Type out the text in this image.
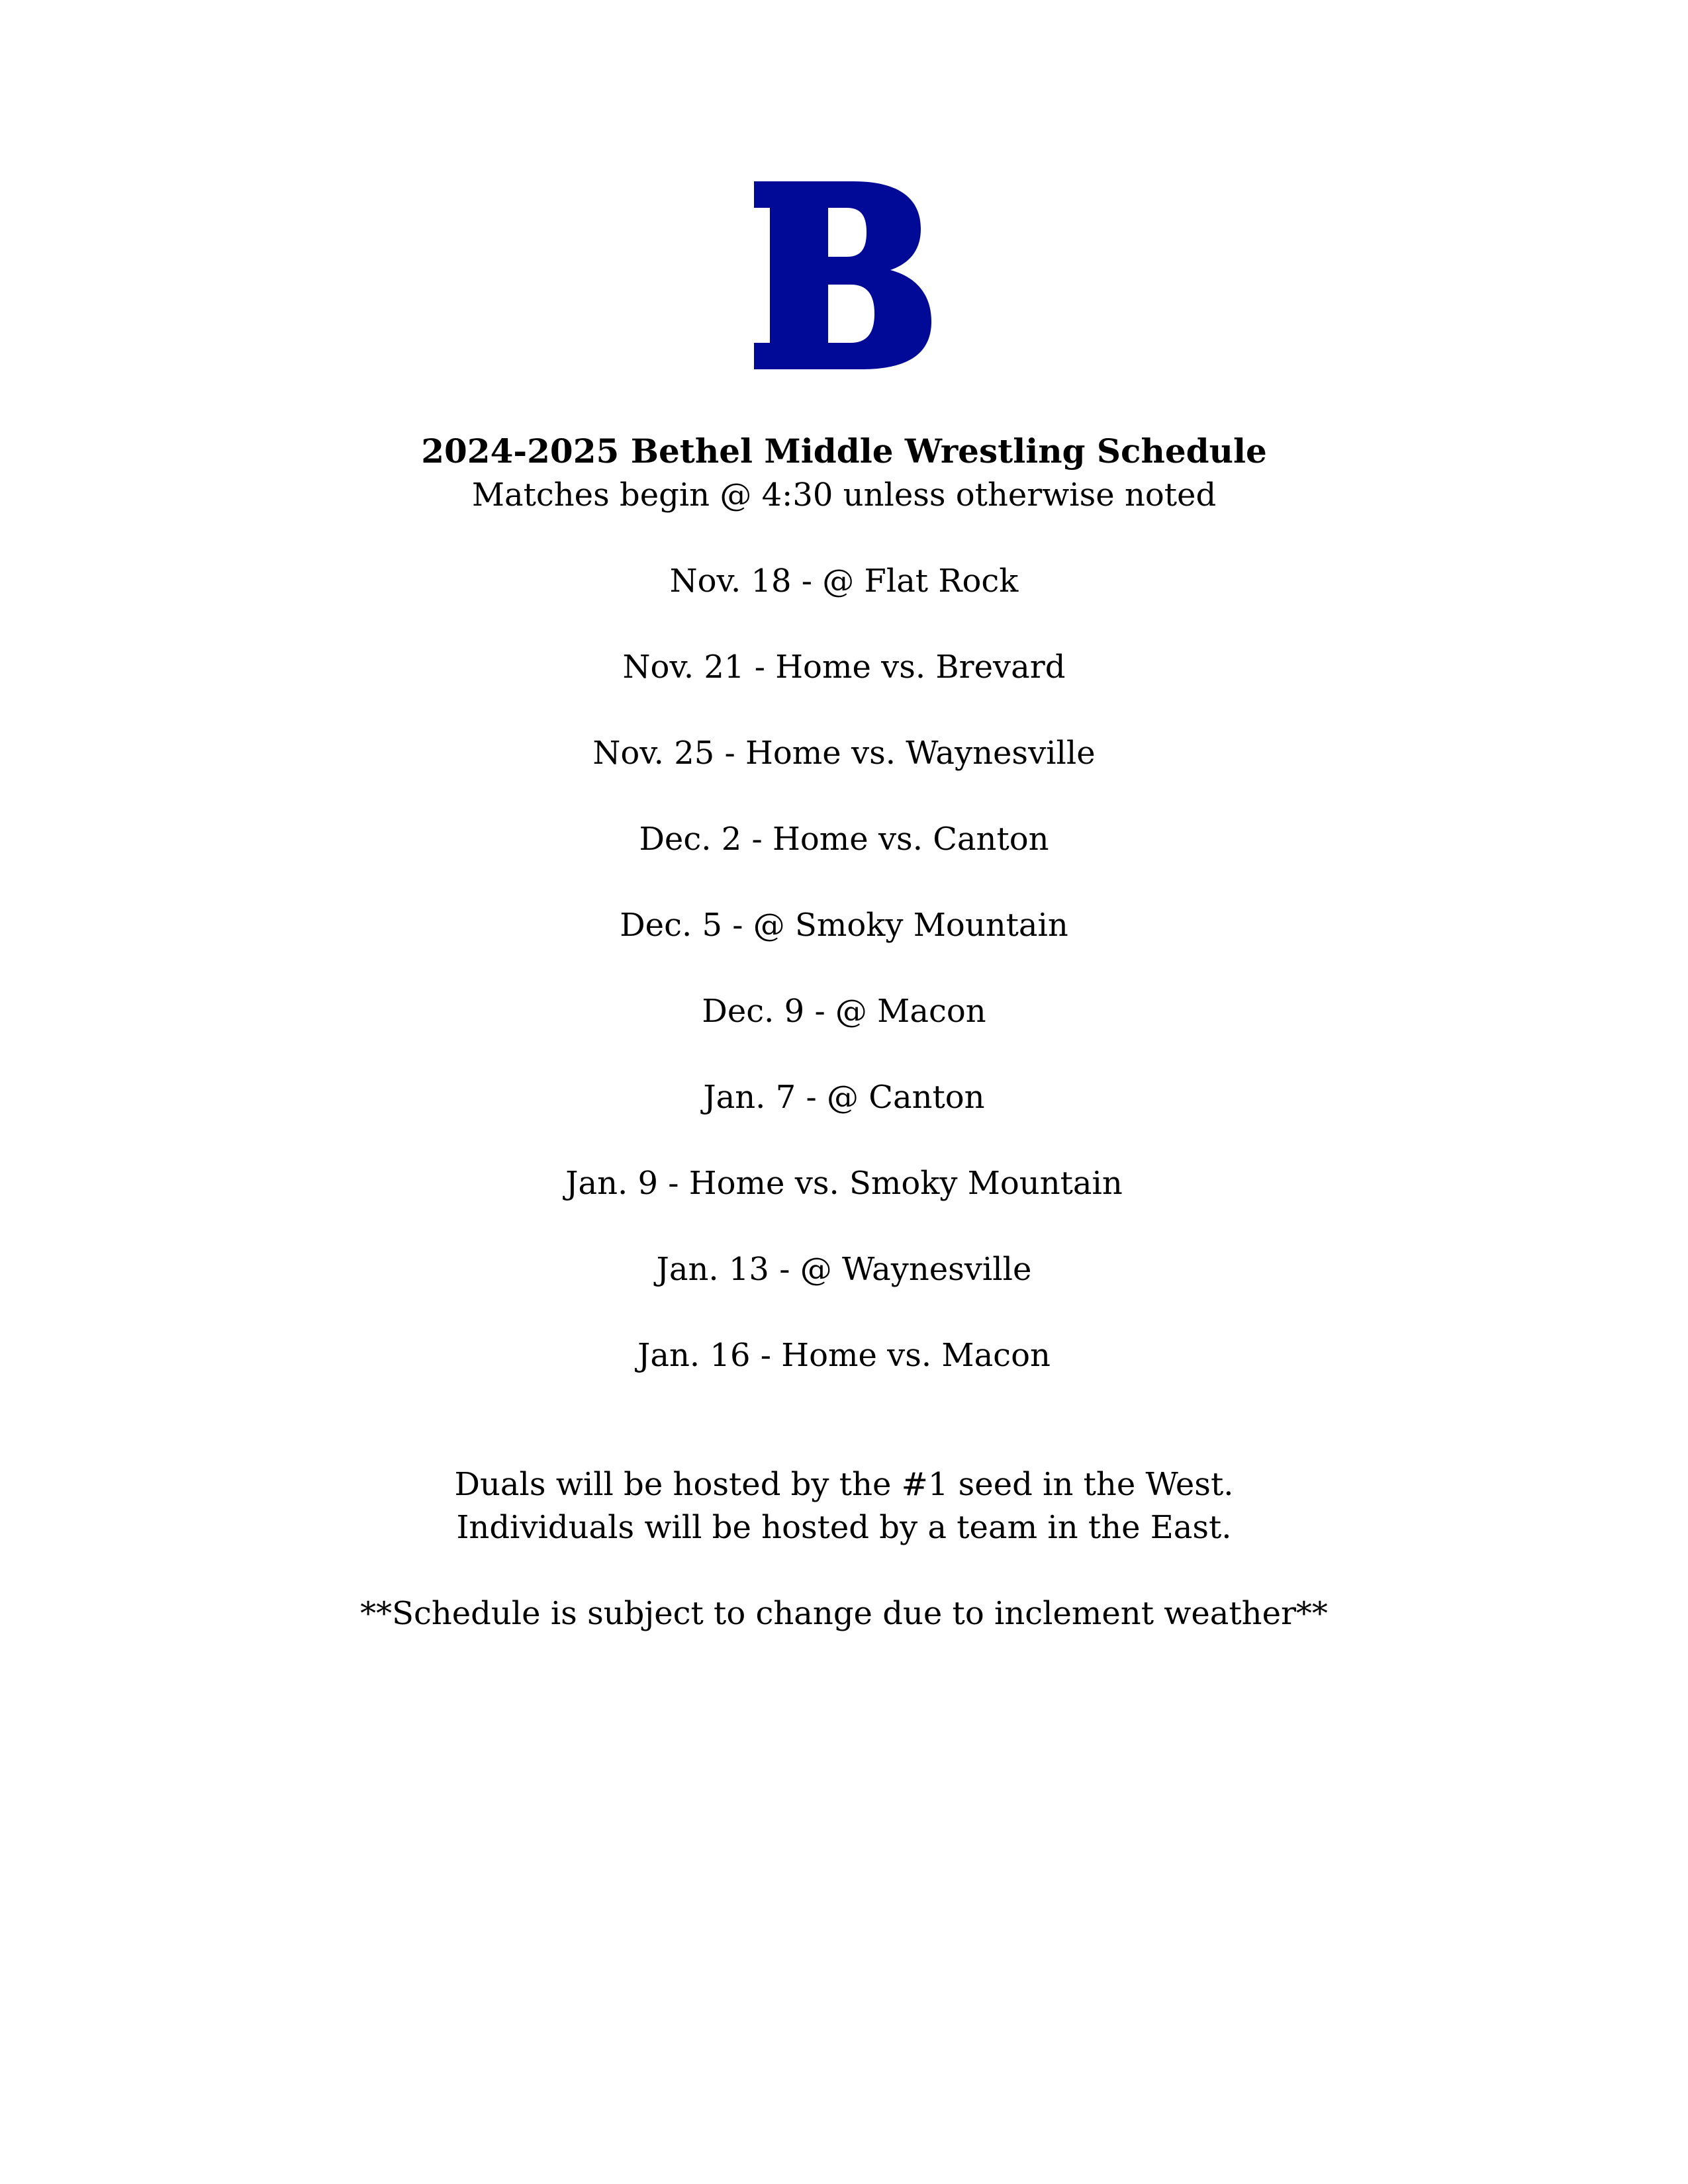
2024-2025 Bethel Middle Wrestling Schedule
Matches begin @ 4:30 unless otherwise noted
Nov. 18 - @ Flat Rock
Nov. 21 - Home vs. Brevard
Nov. 25 - Home vs. Waynesville
Dec. 2 - Home vs. Canton
Dec. 5 - @ Smoky Mountain
Dec. 9 - @ Macon
Jan. 7 - @ Canton
Jan. 9 - Home vs. Smoky Mountain
Jan. 13 - @ Waynesville
Jan. 16 - Home vs. Macon
Duals will be hosted by the #1 seed in the West.
Individuals will be hosted by a team in the East.
**Schedule is subject to change due to inclement weather**
